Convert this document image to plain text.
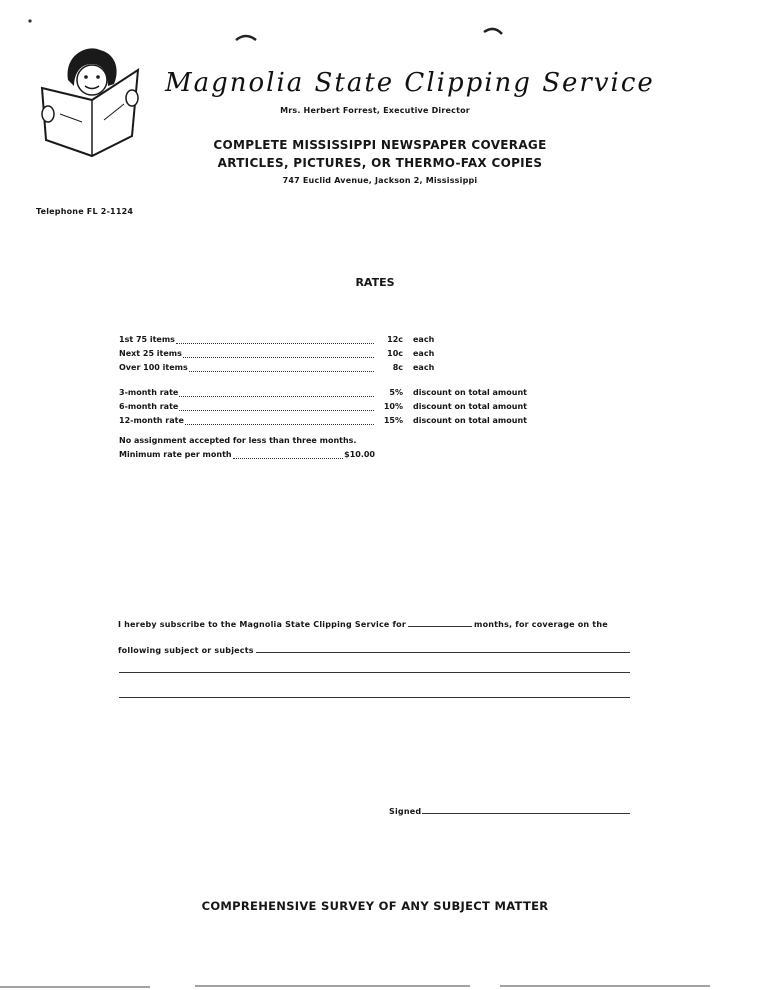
Magnolia State Clipping Service
Mrs. Herbert Forrest, Executive Director
COMPLETE MISSISSIPPI NEWSPAPER COVERAGE
ARTICLES, PICTURES, OR THERMO-FAX COPIES
747 Euclid Avenue, Jackson 2, Mississippi
Telephone FL 2-1124
RATES
1st 75 items	12c each
Next 25 items	10c each
Over 100 items	8c each
3-month rate	5% discount on total amount
6-month rate	10% discount on total amount
12-month rate	15% discount on total amount
No assignment accepted for less than three months.
Minimum rate per month	$10.00
I hereby subscribe to the Magnolia State Clipping Service for	months, for coverage on the
following subject or subjects
Signed
COMPREHENSIVE SURVEY OF ANY SUBJECT MATTER
